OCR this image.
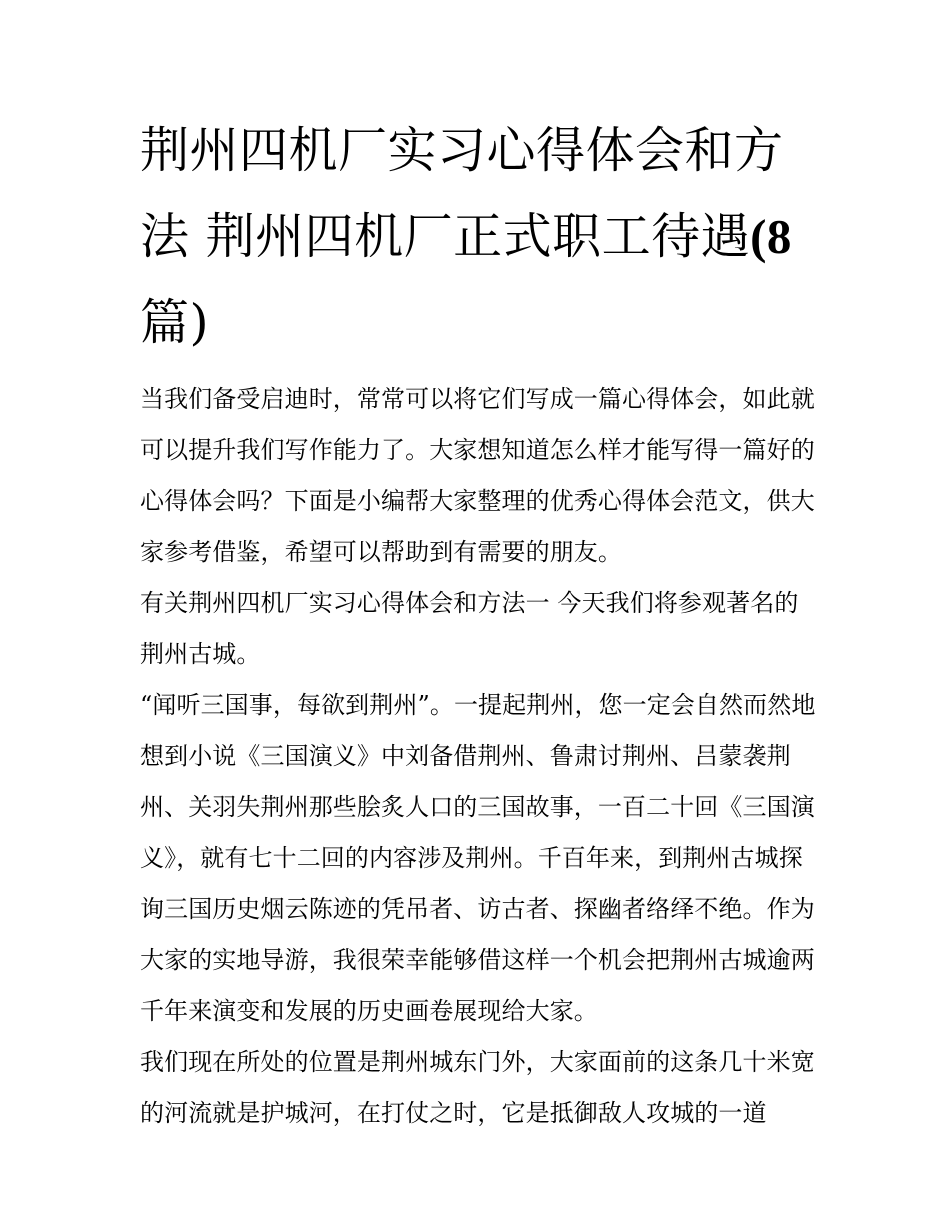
荆州四机厂实习心得体会和方法 荆州四机厂正式职工待遇(8篇)

当我们备受启迪时，常常可以将它们写成一篇心得体会，如此就可以提升我们写作能力了。大家想知道怎么样才能写得一篇好的心得体会吗？下面是小编帮大家整理的优秀心得体会范文，供大家参考借鉴，希望可以帮助到有需要的朋友。

有关荆州四机厂实习心得体会和方法一 今天我们将参观著名的荆州古城。

“闻听三国事，每欲到荆州”。一提起荆州，您一定会自然而然地想到小说《三国演义》中刘备借荆州、鲁肃讨荆州、吕蒙袭荆州、关羽失荆州那些脍炙人口的三国故事，一百二十回《三国演义》，就有七十二回的内容涉及荆州。千百年来，到荆州古城探询三国历史烟云陈迹的凭吊者、访古者、探幽者络绎不绝。作为大家的实地导游，我很荣幸能够借这样一个机会把荆州古城逾两千年来演变和发展的历史画卷展现给大家。

我们现在所处的位置是荆州城东门外，大家面前的这条几十米宽的河流就是护城河，在打仗之时，它是抵御敌人攻城的一道
